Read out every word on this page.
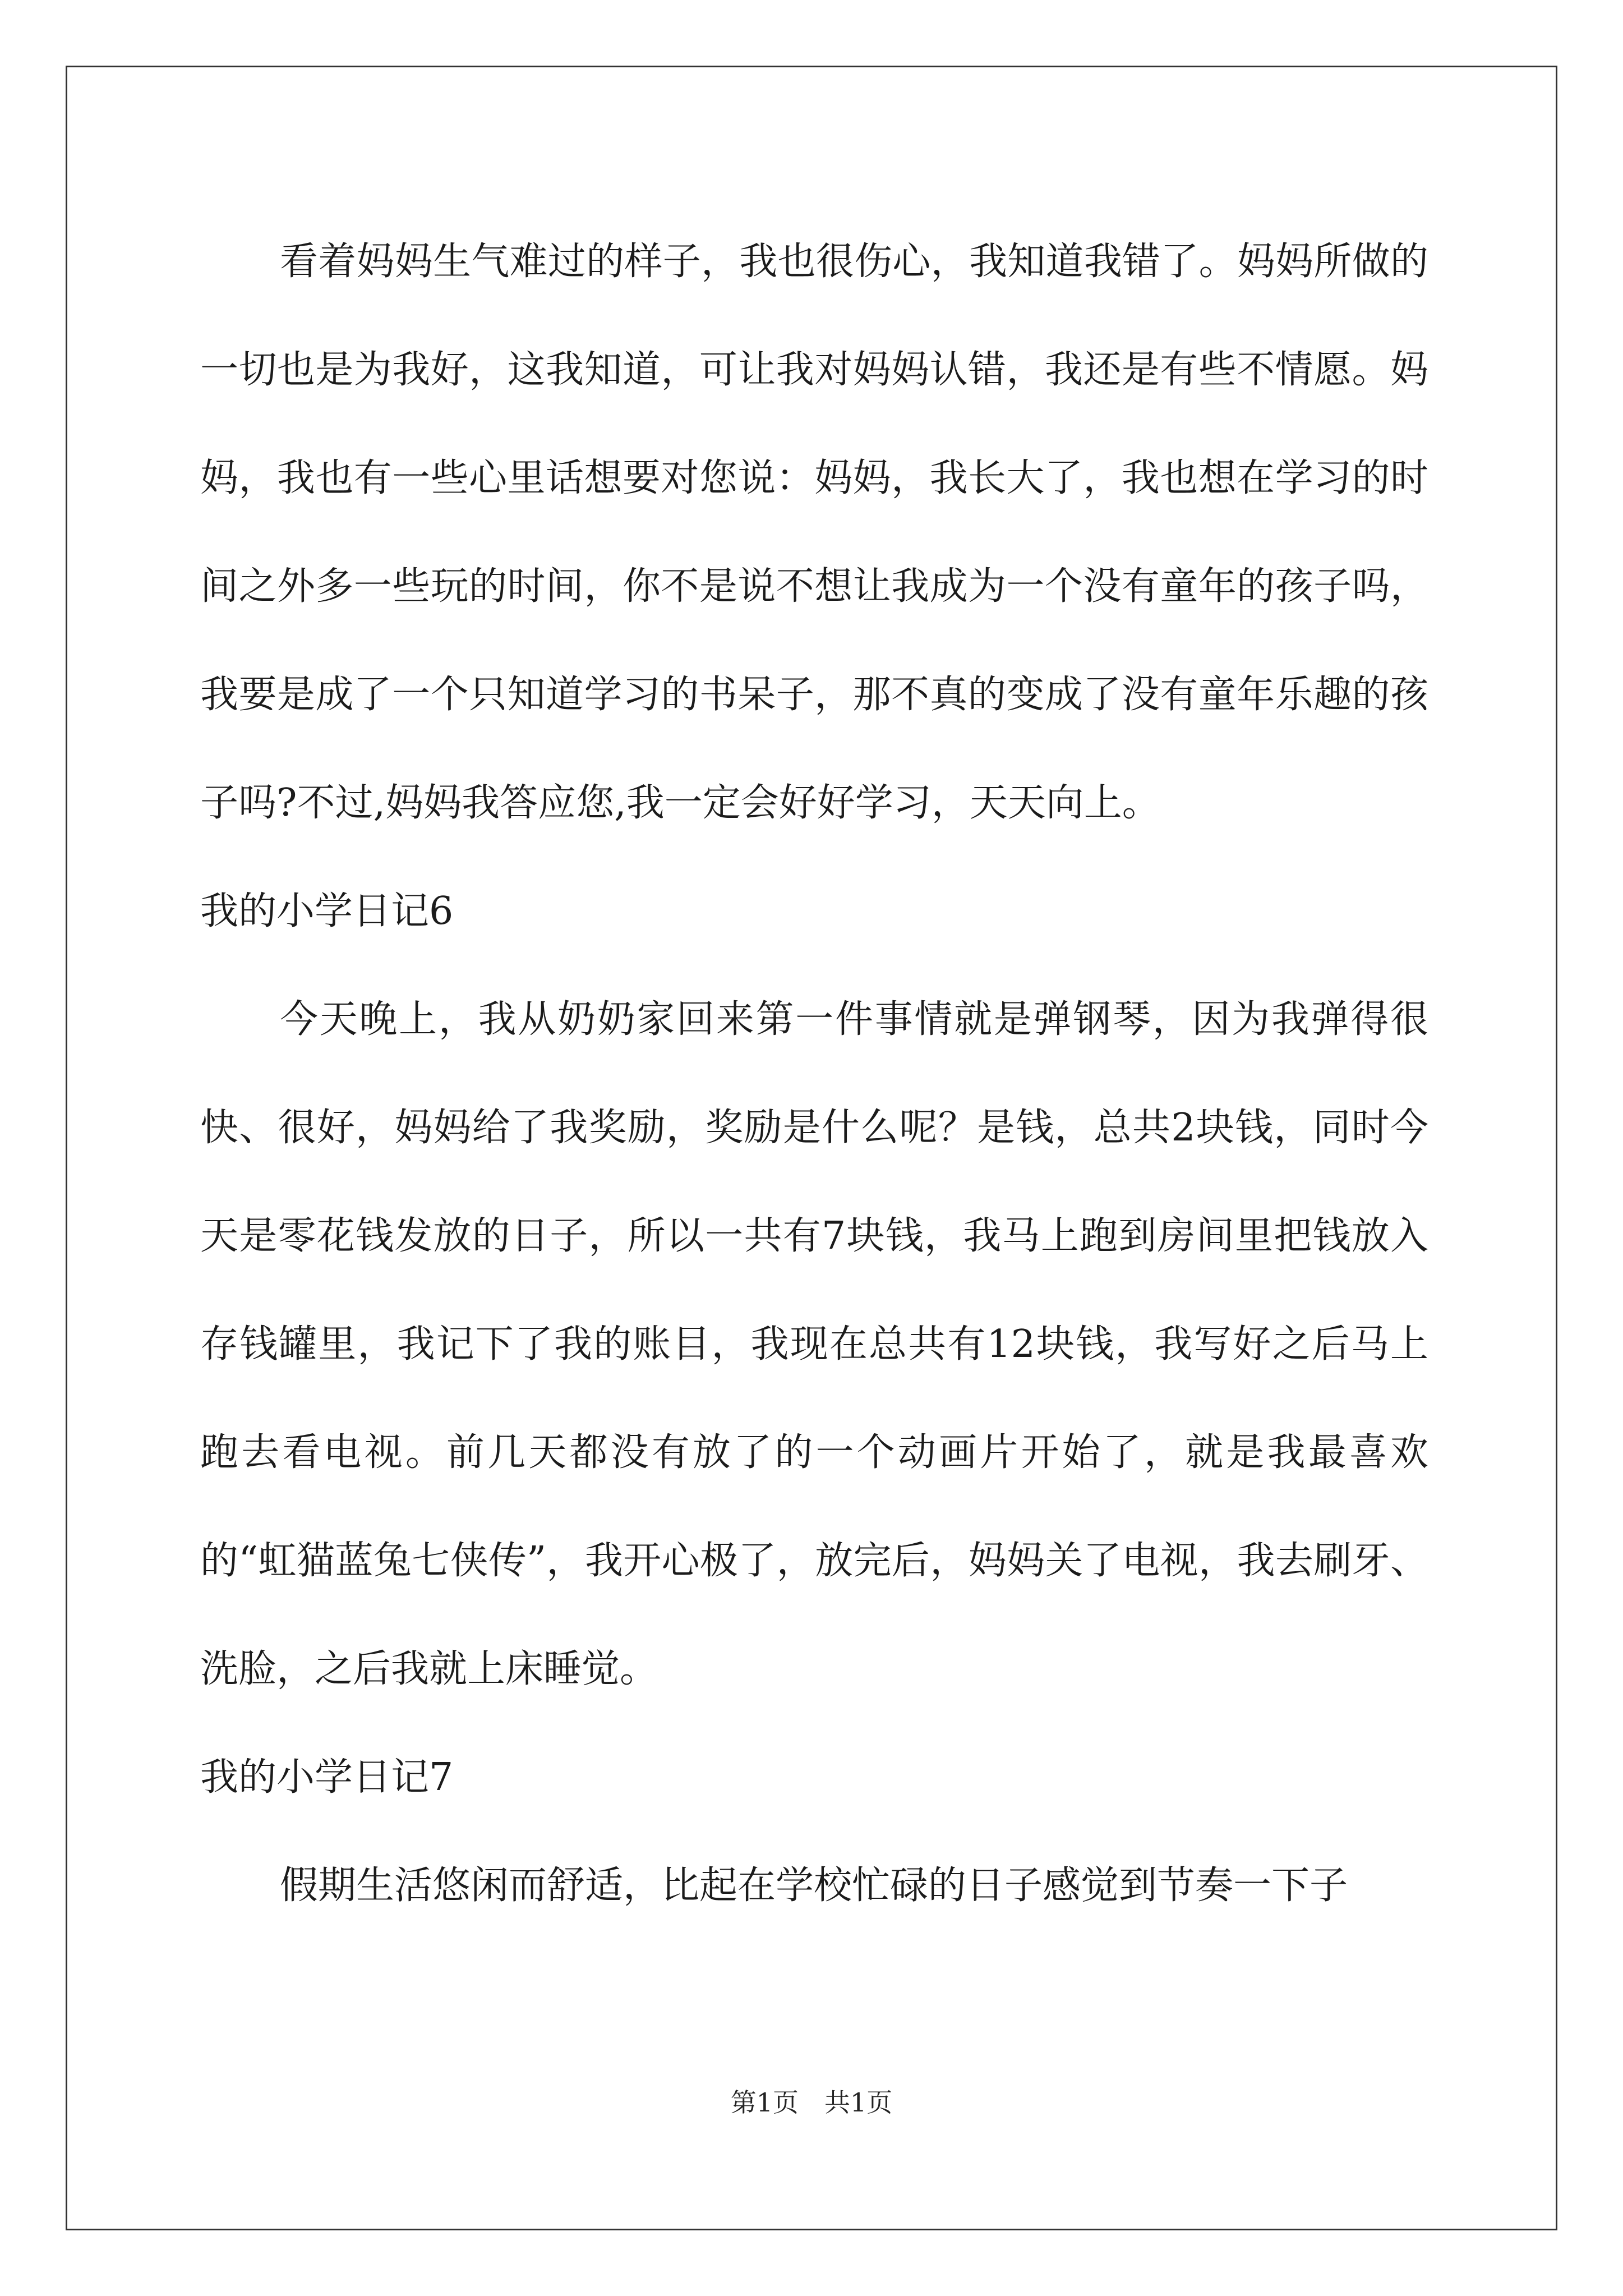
看着妈妈生气难过的样子，我也很伤心，我知道我错了。妈妈所做的一切也是为我好，这我知道，可让我对妈妈认错，我还是有些不情愿。妈妈，我也有一些心里话想要对您说：妈妈，我长大了，我也想在学习的时间之外多一些玩的时间，你不是说不想让我成为一个没有童年的孩子吗，我要是成了一个只知道学习的书呆子，那不真的变成了没有童年乐趣的孩子吗?不过,妈妈我答应您,我一定会好好学习，天天向上。

我的小学日记6

今天晚上，我从奶奶家回来第一件事情就是弹钢琴，因为我弹得很快、很好，妈妈给了我奖励，奖励是什么呢？是钱，总共2块钱，同时今天是零花钱发放的日子，所以一共有7块钱，我马上跑到房间里把钱放入存钱罐里，我记下了我的账目，我现在总共有12块钱，我写好之后马上跑去看电视。前几天都没有放了的一个动画片开始了，就是我最喜欢的“虹猫蓝兔七侠传”，我开心极了，放完后，妈妈关了电视，我去刷牙、洗脸，之后我就上床睡觉。

我的小学日记7

假期生活悠闲而舒适，比起在学校忙碌的日子感觉到节奏一下子

第1页 共1页
